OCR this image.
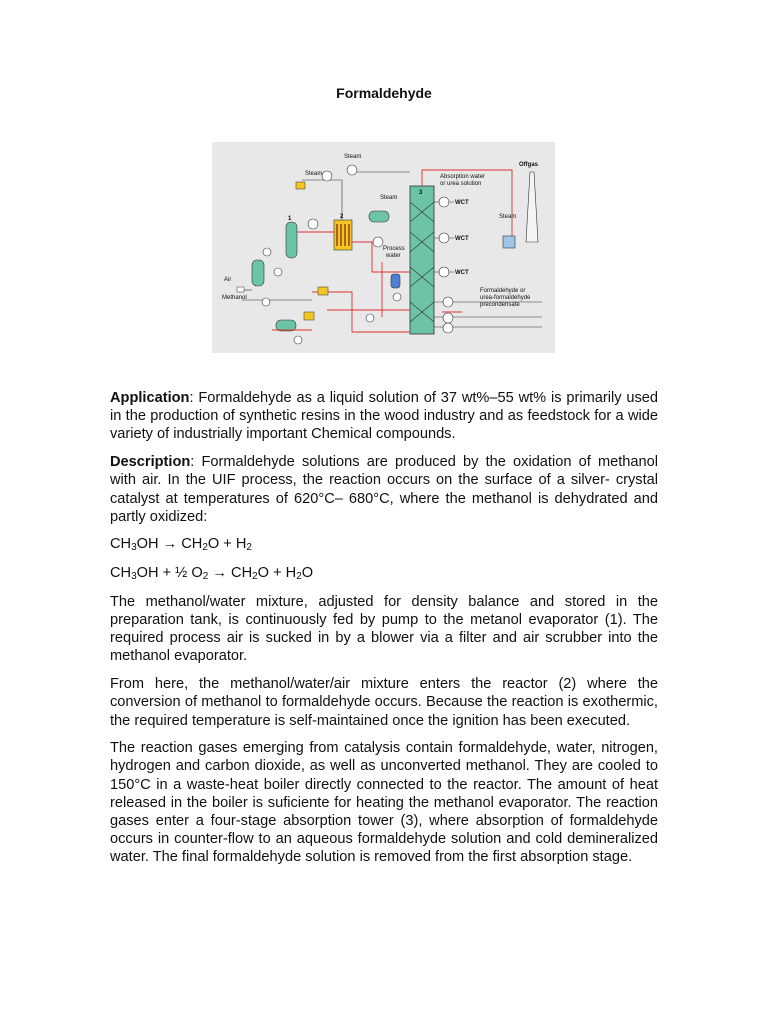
Formaldehyde
Steam
Steam
Steam
Steam
Offgas
Absorption water
or urea solution
WCT
WCT
WCT
Process
water
Air
Methanol
Formaldehyde or
urea-formaldehyde
precondensate
1	2
3

Application: Formaldehyde as a liquid solution of 37 wt%–55 wt% is primarily used in the production of synthetic resins in the wood industry and as feedstock for a wide variety of industrially important Chemical compounds.

Description: Formaldehyde solutions are produced by the oxidation of methanol with air. In the UIF process, the reaction occurs on the surface of a silver- crystal catalyst at temperatures of 620°C– 680°C, where the methanol is dehydrated and partly oxidized:

$CH_3OH \to CH_2O + H_2$

$CH_3OH$ + ½ $O_2 \to CH_2O + H_2O$

The methanol/water mixture, adjusted for density balance and stored in the preparation tank, is continuously fed by pump to the metanol evaporator (1). The required process air is sucked in by a blower via a filter and air scrubber into the methanol evaporator.

From here, the methanol/water/air mixture enters the reactor (2) where the conversion of methanol to formaldehyde occurs. Because the reaction is exothermic, the required temperature is self-maintained once the ignition has been executed.

The reaction gases emerging from catalysis contain formaldehyde, water, nitrogen, hydrogen and carbon dioxide, as well as unconverted methanol. They are cooled to 150°C in a waste-heat boiler directly connected to the reactor. The amount of heat released in the boiler is suficiente for heating the methanol evaporator. The reaction gases enter a four-stage absorption tower (3), where absorption of formaldehyde occurs in counter-flow to an aqueous formaldehyde solution and cold demineralized water. The final formaldehyde solution is removed from the first absorption stage.
